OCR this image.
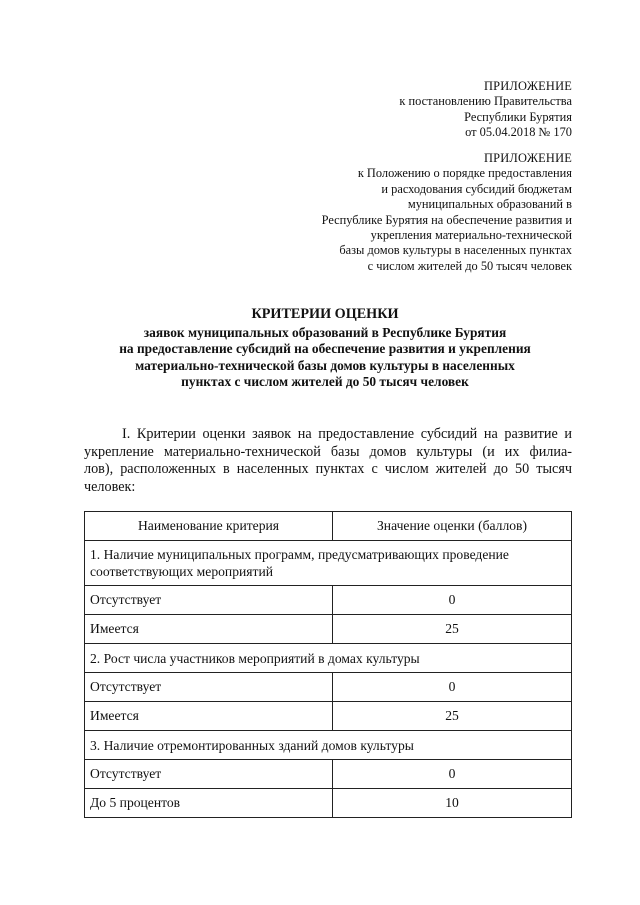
ПРИЛОЖЕНИЕ
к постановлению Правительства
Республики Бурятия
от 05.04.2018 № 170
ПРИЛОЖЕНИЕ
к Положению о порядке предоставления
и расходования субсидий бюджетам
муниципальных образований в
Республике Бурятия на обеспечение развития и
укрепления материально-технической
базы домов культуры в населенных пунктах
с числом жителей до 50 тысяч человек
КРИТЕРИИ ОЦЕНКИ
заявок муниципальных образований в Республике Бурятия
на предоставление субсидий на обеспечение развития и укрепления
материально-технической базы домов культуры в населенных
пунктах с числом жителей до 50 тысяч человек
I. Критерии оценки заявок на предоставление субсидий на развитие и
укрепление материально-технической базы домов культуры (и их филиа-
лов), расположенных в населенных пунктах с числом жителей до 50 тысяч
человек:
Наименование критерия	Значение оценки (баллов)
1. Наличие муниципальных программ, предусматривающих проведение соответствующих мероприятий	
Отсутствует	0
Имеется	25
2. Рост числа участников мероприятий в домах культуры	
Отсутствует	0
Имеется	25
3. Наличие отремонтированных зданий домов культуры	
Отсутствует	0
До 5 процентов	10
